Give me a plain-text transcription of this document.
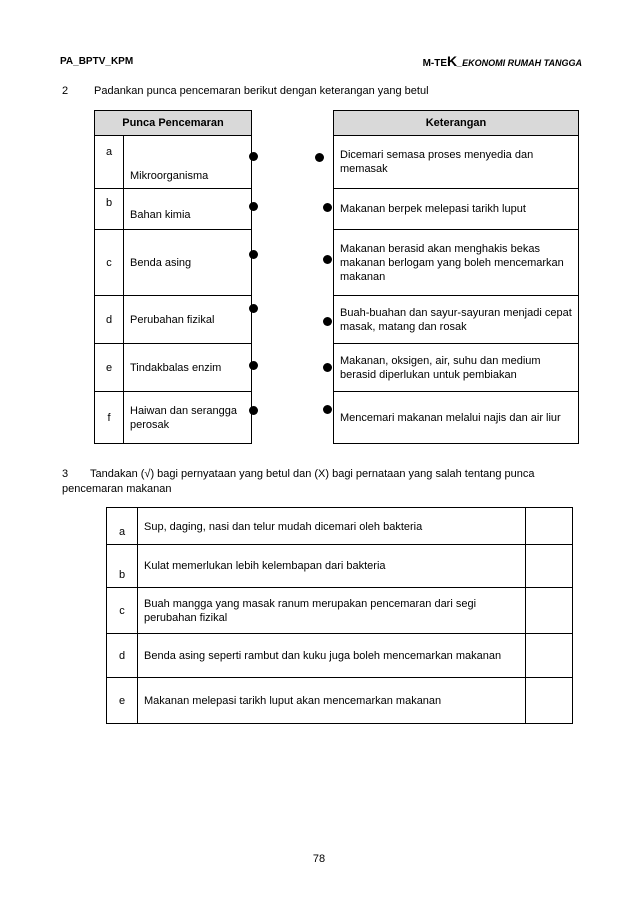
PA_BPTV_KPM	M-TEK_EKONOMI RUMAH TANGGA
2 Padankan punca pencemaran berikut dengan keterangan yang betul
Punca Pencemaran	
a	Mikroorganisma
b	Bahan kimia
c	Benda asing
d	Perubahan fizikal
e	Tindakbalas enzim
f	Haiwan dan serangga perosak
Keterangan
Dicemari semasa proses menyedia dan memasak
Makanan berpek melepasi tarikh luput
Makanan berasid akan menghakis bekas makanan berlogam yang boleh mencemarkan makanan
Buah-buahan dan sayur-sayuran menjadi cepat masak, matang dan rosak
Makanan, oksigen, air, suhu dan medium berasid diperlukan untuk pembiakan
Mencemari makanan melalui najis dan air liur
3 Tandakan (√) bagi pernyataan yang betul dan (X) bagi pernataan yang salah tentang punca pencemaran makanan
a	Sup, daging, nasi dan telur mudah dicemari oleh bakteria	
b	Kulat memerlukan lebih kelembapan dari bakteria	
c	Buah mangga yang masak ranum merupakan pencemaran dari segi perubahan fizikal	
d	Benda asing seperti rambut dan kuku juga boleh mencemarkan makanan	
e	Makanan melepasi tarikh luput akan mencemarkan makanan	
78
